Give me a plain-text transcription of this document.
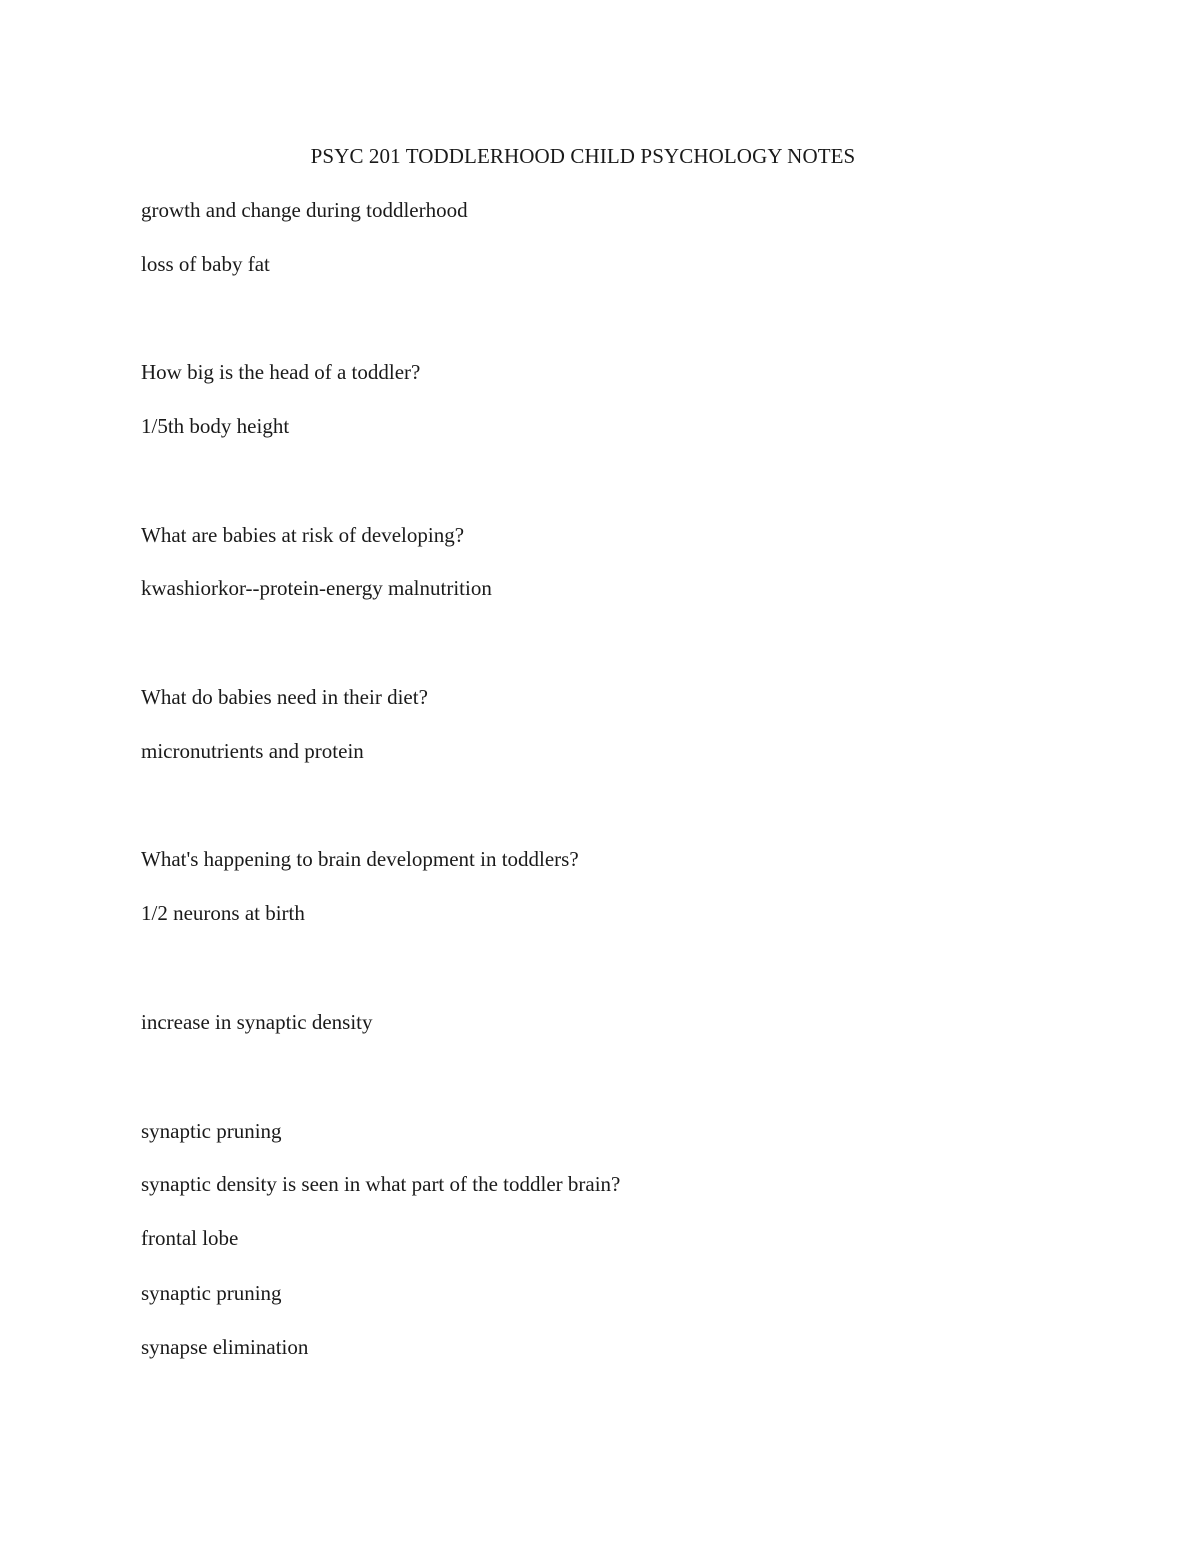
PSYC 201 TODDLERHOOD CHILD PSYCHOLOGY NOTES

growth and change during toddlerhood

loss of baby fat

How big is the head of a toddler?

1/5th body height

What are babies at risk of developing?

kwashiorkor--protein-energy malnutrition

What do babies need in their diet?

micronutrients and protein

What's happening to brain development in toddlers?

1/2 neurons at birth

increase in synaptic density

synaptic pruning

synaptic density is seen in what part of the toddler brain?

frontal lobe

synaptic pruning

synapse elimination
